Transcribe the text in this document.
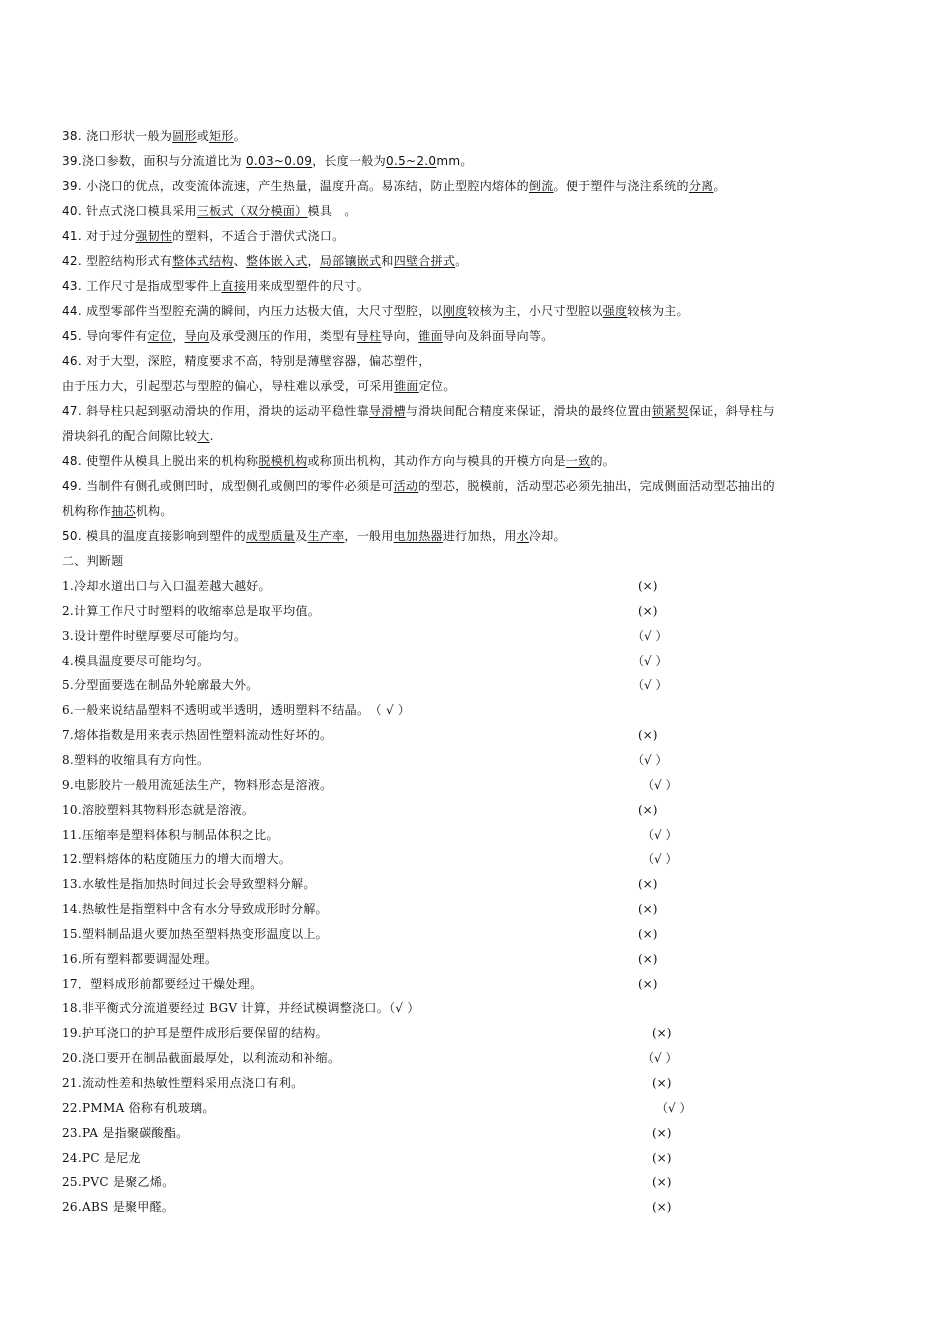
38. 浇口形状一般为圆形或矩形。
39.浇口参数，面积与分流道比为 0.03~0.09，长度一般为0.5~2.0mm。
39. 小浇口的优点，改变流体流速，产生热量，温度升高。易冻结，防止型腔内熔体的倒流。便于塑件与浇注系统的分离。
40. 针点式浇口模具采用三板式（双分模面）模具　。
41. 对于过分强韧性的塑料，不适合于潜伏式浇口。
42. 型腔结构形式有整体式结构、整体嵌入式，局部镶嵌式和四壁合拼式。
43. 工作尺寸是指成型零件上直接用来成型塑件的尺寸。
44. 成型零部件当型腔充满的瞬间，内压力达极大值，大尺寸型腔，以刚度较核为主，小尺寸型腔以强度较核为主。
45. 导向零件有定位，导向及承受测压的作用，类型有导柱导向，锥面导向及斜面导向等。
46. 对于大型，深腔，精度要求不高，特别是薄壁容器，偏芯塑件，
由于压力大，引起型芯与型腔的偏心，导柱难以承受，可采用锥面定位。
47. 斜导柱只起到驱动滑块的作用，滑块的运动平稳性靠导滑槽与滑块间配合精度来保证，滑块的最终位置由锁紧契保证，斜导柱与
滑块斜孔的配合间隙比较大.
48. 使塑件从模具上脱出来的机构称脱模机构或称顶出机构，其动作方向与模具的开模方向是一致的。
49. 当制件有侧孔或侧凹时，成型侧孔或侧凹的零件必须是可活动的型芯，脱模前，活动型芯必须先抽出，完成侧面活动型芯抽出的
机构称作抽芯机构。
50. 模具的温度直接影响到塑件的成型质量及生产率，一般用电加热器进行加热，用水冷却。
二、判断题
1.冷却水道出口与入口温差越大越好。	(×)
2.计算工作尺寸时塑料的收缩率总是取平均值。	(×)
3.设计塑件时壁厚要尽可能均匀。	（√ ）
4.模具温度要尽可能均匀。	（√ ）
5.分型面要选在制品外轮廓最大外。	（√ ）
6.一般来说结晶塑料不透明或半透明，透明塑料不结晶。　（ √ ）
7.熔体指数是用来表示热固性塑料流动性好坏的。	(×)
8.塑料的收缩具有方向性。	（√ ）
9.电影胶片一般用流延法生产，物料形态是溶液。	（√ ）
10.溶胶塑料其物料形态就是溶液。	(×)
11.压缩率是塑料体积与制品体积之比。	（√ ）
12.塑料熔体的粘度随压力的增大而增大。	（√ ）
13.水敏性是指加热时间过长会导致塑料分解。	(×)
14.热敏性是指塑料中含有水分导致成形时分解。	(×)
15.塑料制品退火要加热至塑料热变形温度以上。	(×)
16.所有塑料都要调湿处理。	(×)
17．塑料成形前都要经过干燥处理。	(×)
18.非平衡式分流道要经过 BGV 计算，并经试模调整浇口。（√ ）
19.护耳浇口的护耳是塑件成形后要保留的结构。	(×)
20.浇口要开在制品截面最厚处，以利流动和补缩。	（√ ）
21.流动性差和热敏性塑料采用点浇口有利。	(×)
22.PMMA 俗称有机玻璃。	（√ ）
23.PA 是指聚碳酸酯。	(×)
24.PC 是尼龙	(×)
25.PVC 是聚乙烯。	(×)
26.ABS 是聚甲醛。	(×)
